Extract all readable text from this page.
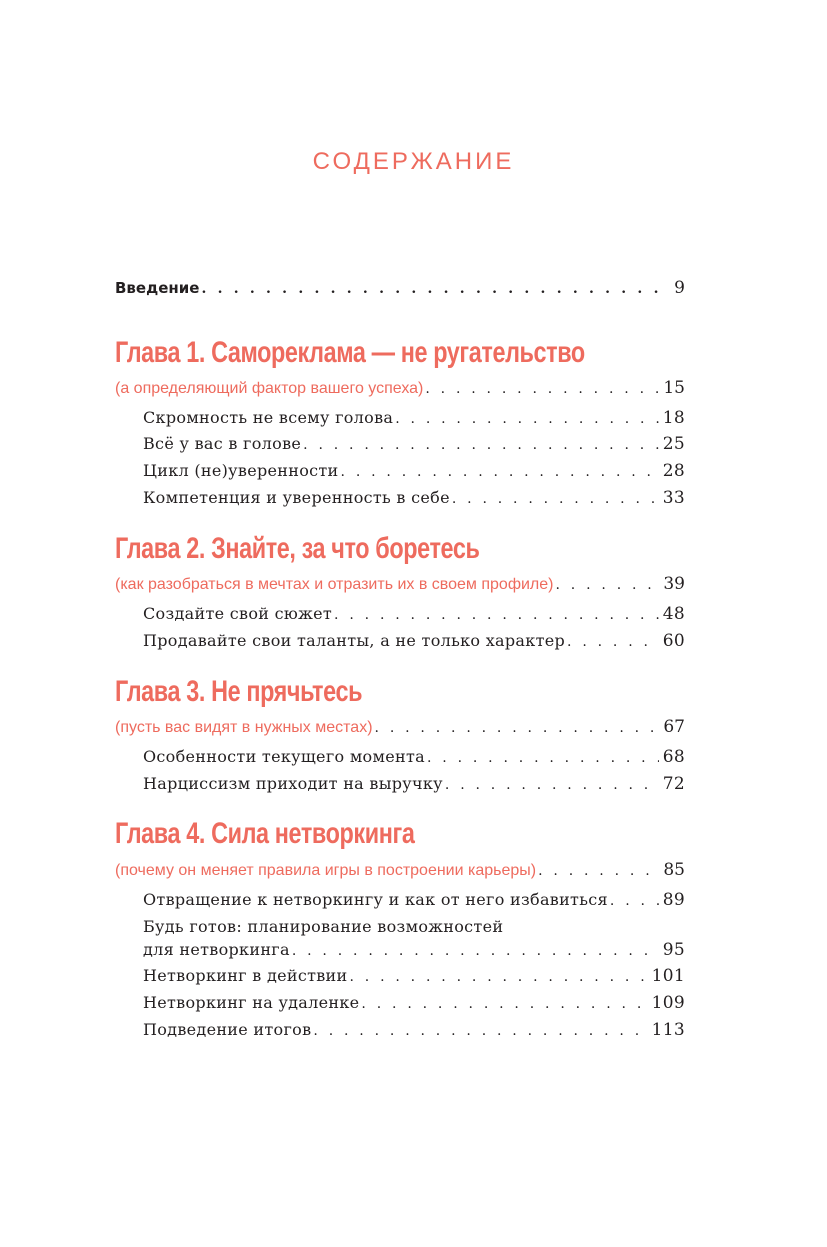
СОДЕРЖАНИЕ
Введение . . .	9
Глава 1. Самореклама — не ругательство
(а определяющий фактор вашего успеха) . . .	15
Скромность не всему голова . . .	18
Всё у вас в голове . . .	25
Цикл (не)уверенности . . .	28
Компетенция и уверенность в себе . . .	33
Глава 2. Знайте, за что боретесь
(как разобраться в мечтах и отразить их в своем профиле) . . .	39
Создайте свой сюжет . . .	48
Продавайте свои таланты, а не только характер . . .	60
Глава 3. Не прячьтесь
(пусть вас видят в нужных местах) . . .	67
Особенности текущего момента . . .	68
Нарциссизм приходит на выручку . . .	72
Глава 4. Сила нетворкинга
(почему он меняет правила игры в построении карьеры) . . .	85
Отвращение к нетворкингу и как от него избавиться . . .	89
Будь готов: планирование возможностей
для нетворкинга . . .	95
Нетворкинг в действии . . .	101
Нетворкинг на удаленке . . .	109
Подведение итогов . . .	113
